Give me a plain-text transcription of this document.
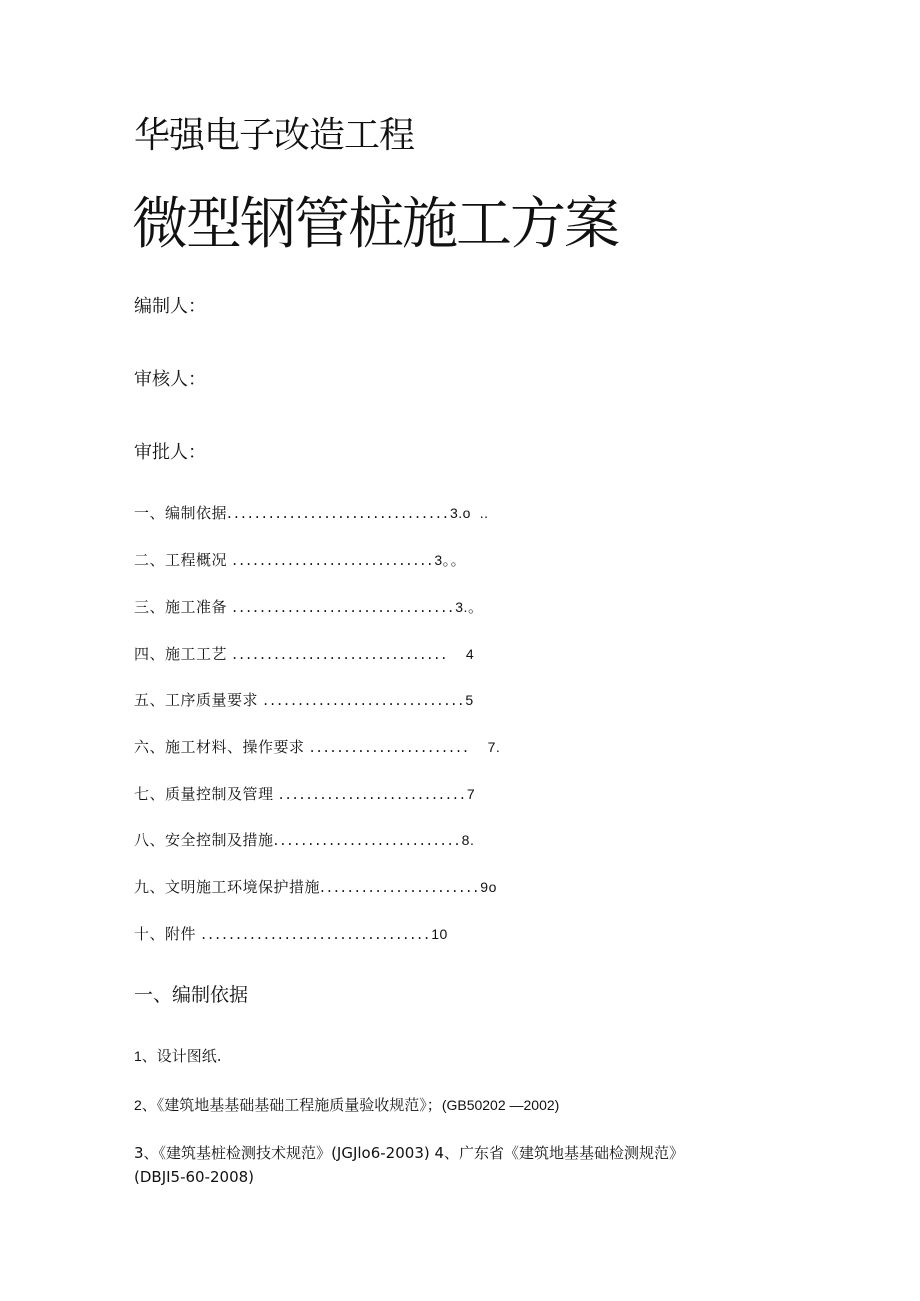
华强电子改造工程
微型钢管桩施工方案
编制人：
审核人：
审批人：
一、编制依据................................3.o  ..
二、工程概况 .............................3。。
三、施工准备 ................................3.。
四、施工工艺 ...............................    4
五、工序质量要求 .............................5
六、施工材料、操作要求 .......................    7.
七、质量控制及管理 ...........................7
八、安全控制及措施...........................8.
九、文明施工环境保护措施.......................9o
十、附件 .................................10
一、编制依据
1、设计图纸.
2、《建筑地基基础基础工程施质量验收规范》；(GB50202 —2002)
3、《建筑基桩检测技术规范》(JGJlo6-2003) 4、广东省《建筑地基基础检测规范》
(DBJI5-60-2008)
